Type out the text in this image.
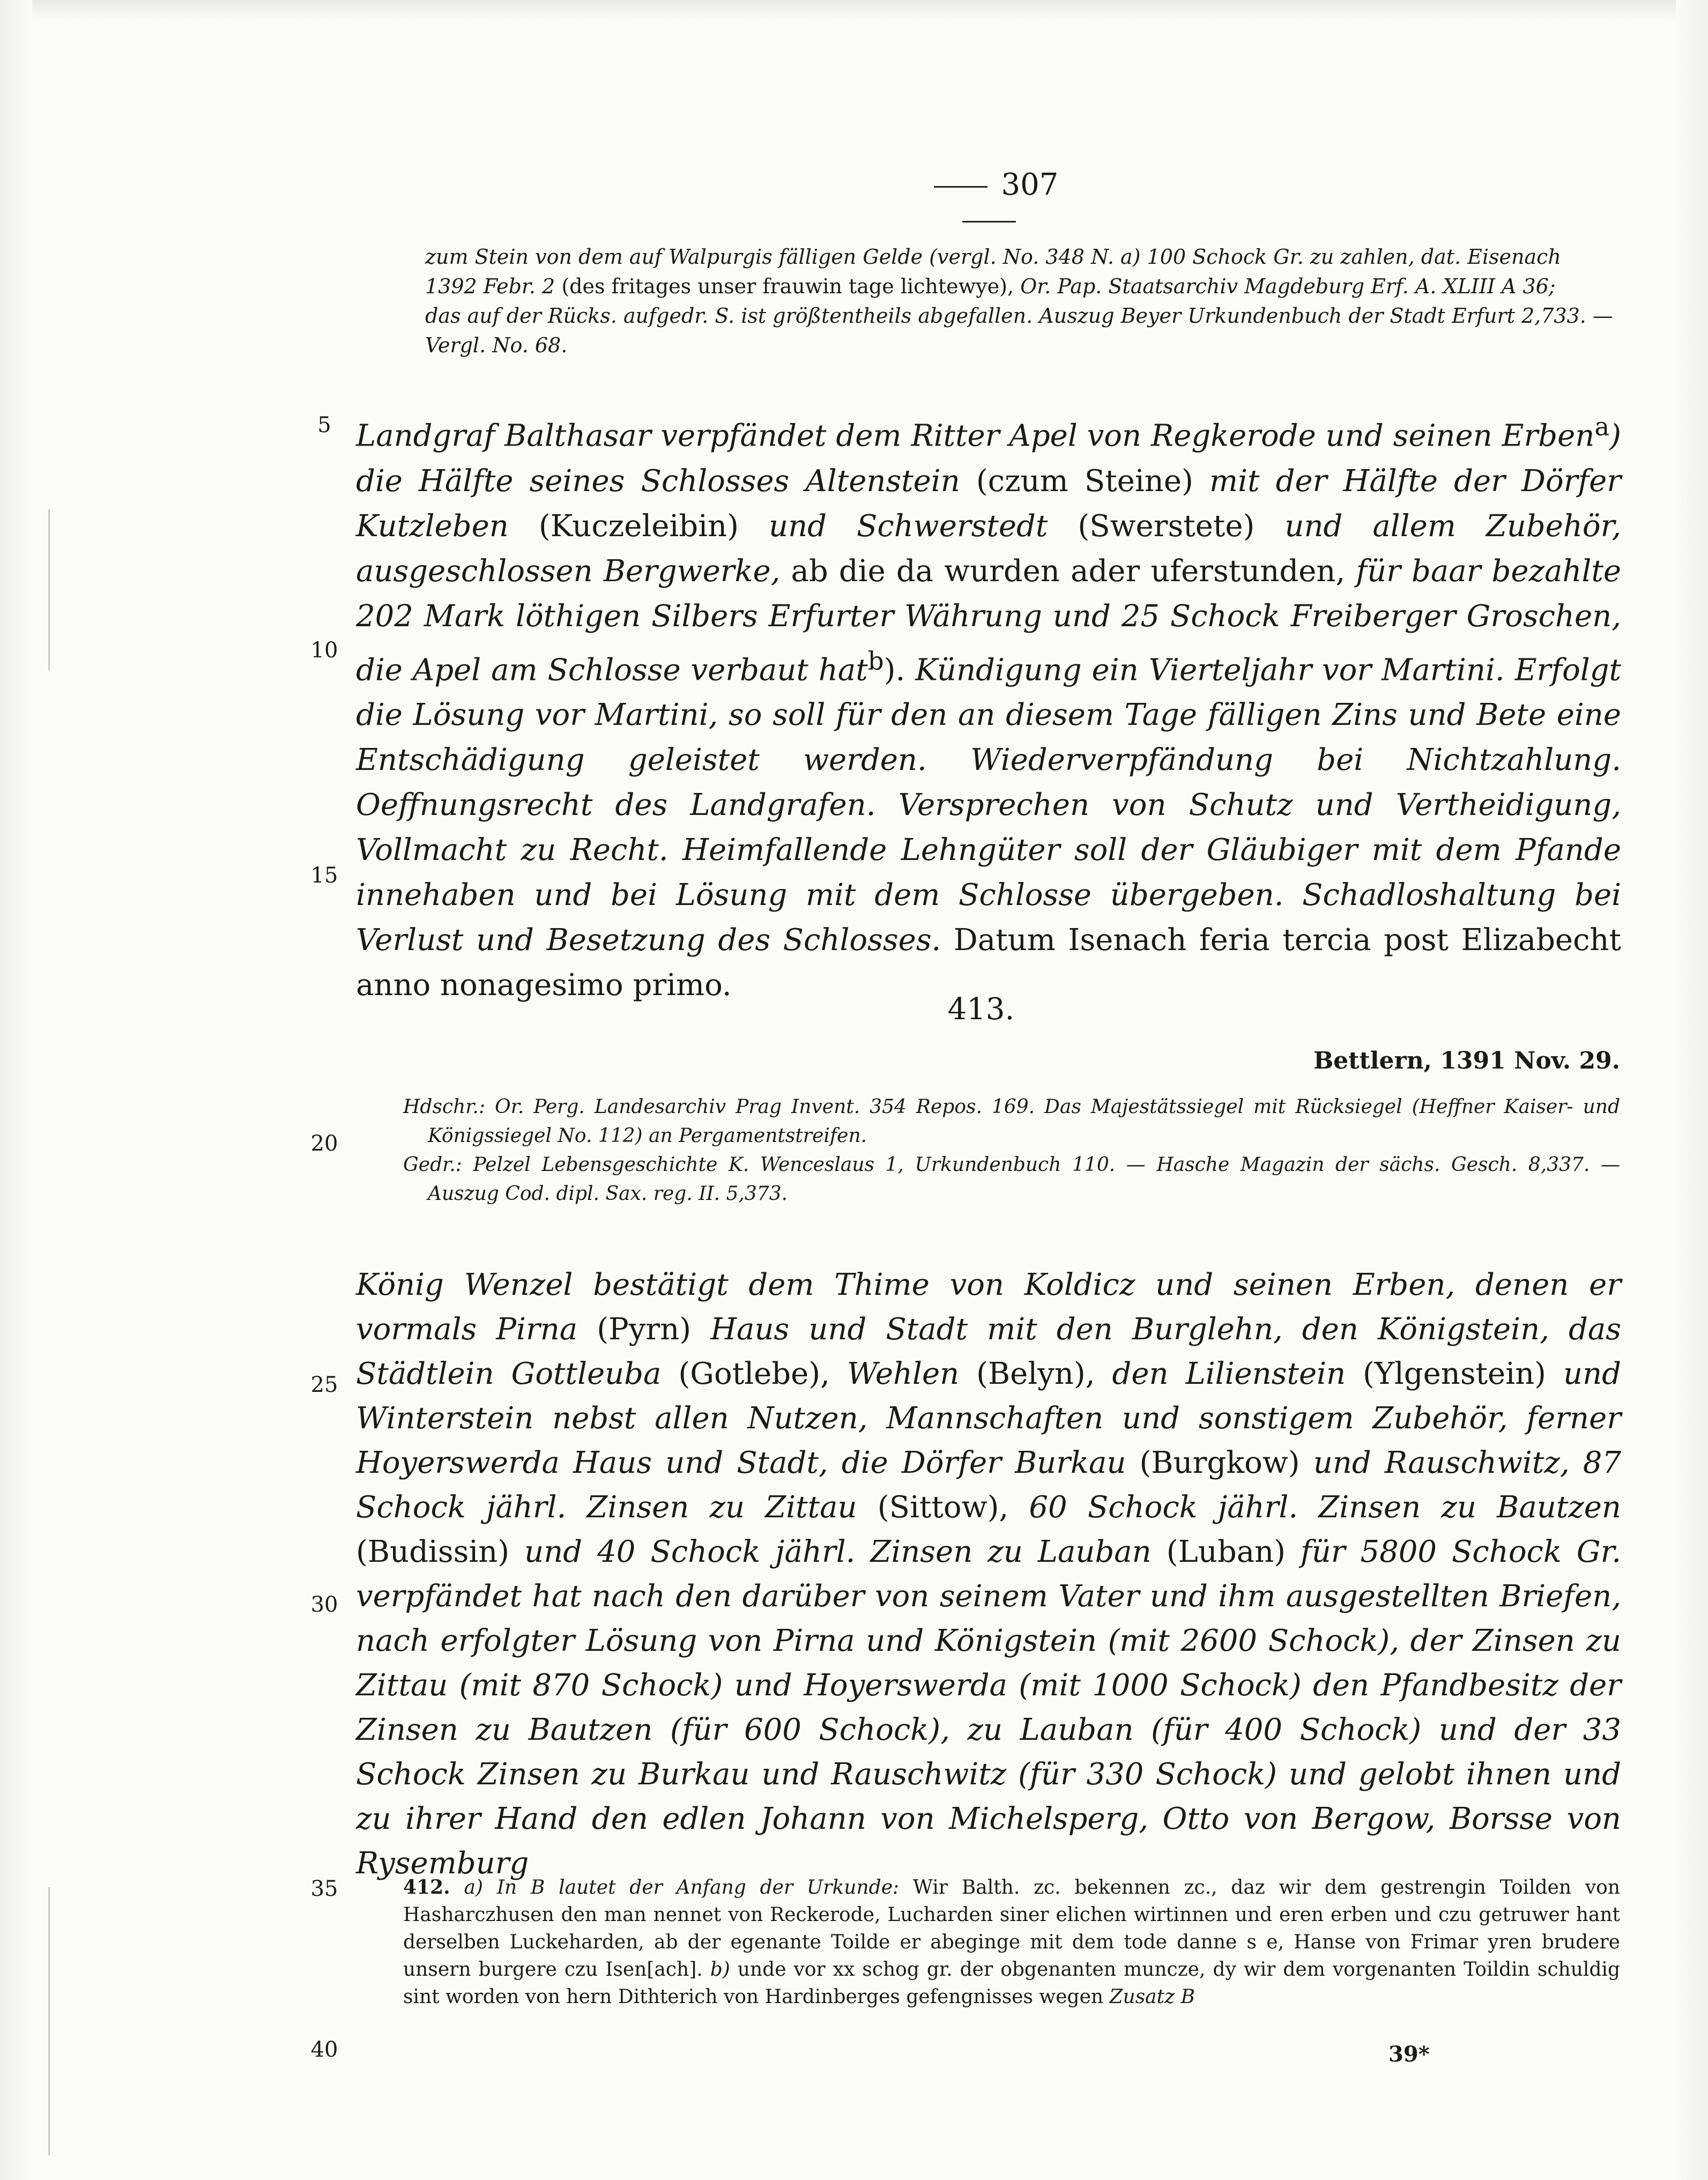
307
zum Stein von dem auf Walpurgis fälligen Gelde (vergl. No. 348 N. a) 100 Schock Gr. zu zahlen, dat. Eisenach
1392 Febr. 2 (des fritages unser frauwin tage lichtewye), Or. Pap. Staatsarchiv Magdeburg Erf. A. XLIII A 36;
das auf der Rücks. aufgedr. S. ist größtentheils abgefallen. Auszug Beyer Urkundenbuch der Stadt Erfurt 2,733. —
Vergl. No. 68.
Landgraf Balthasar verpfändet dem Ritter Apel von Regkerode und seinen Erben$^a$) die Hälfte seines Schlosses Altenstein (czum Steine) mit der Hälfte der Dörfer Kutzleben (Kuczeleibin) und Schwerstedt (Swerstete) und allem Zubehör, ausgeschlossen Bergwerke, ab die da wurden ader uferstunden, für baar bezahlte 202 Mark löthigen Silbers Erfurter Währung und 25 Schock Freiberger Groschen, die Apel am Schlosse verbaut hat$^b$). Kündigung ein Vierteljahr vor Martini. Erfolgt die Lösung vor Martini, so soll für den an diesem Tage fälligen Zins und Bete eine Entschädigung geleistet werden. Wiederverpfändung bei Nichtzahlung. Oeffnungsrecht des Landgrafen. Versprechen von Schutz und Vertheidigung, Vollmacht zu Recht. Heimfallende Lehngüter soll der Gläubiger mit dem Pfande innehaben und bei Lösung mit dem Schlosse übergeben. Schadloshaltung bei Verlust und Besetzung des Schlosses. Datum Isenach feria tercia post Elizabecht anno nonagesimo primo.
413.
Bettlern, 1391 Nov. 29.

Hdschr.: Or. Perg. Landesarchiv Prag Invent. 354 Repos. 169. Das Majestätssiegel mit Rücksiegel (Heffner Kaiser- und Königssiegel No. 112) an Pergamentstreifen.

Gedr.: Pelzel Lebensgeschichte K. Wenceslaus 1, Urkundenbuch 110. — Hasche Magazin der sächs. Gesch. 8,337. — Auszug Cod. dipl. Sax. reg. II. 5,373.

König Wenzel bestätigt dem Thime von Koldicz und seinen Erben, denen er vormals Pirna (Pyrn) Haus und Stadt mit den Burglehn, den Königstein, das Städtlein Gottleuba (Gotlebe), Wehlen (Belyn), den Lilienstein (Ylgenstein) und Winterstein nebst allen Nutzen, Mannschaften und sonstigem Zubehör, ferner Hoyerswerda Haus und Stadt, die Dörfer Burkau (Burgkow) und Rauschwitz, 87 Schock jährl. Zinsen zu Zittau (Sittow), 60 Schock jährl. Zinsen zu Bautzen (Budissin) und 40 Schock jährl. Zinsen zu Lauban (Luban) für 5800 Schock Gr. verpfändet hat nach den darüber von seinem Vater und ihm ausgestellten Briefen, nach erfolgter Lösung von Pirna und Königstein (mit 2600 Schock), der Zinsen zu Zittau (mit 870 Schock) und Hoyerswerda (mit 1000 Schock) den Pfandbesitz der Zinsen zu Bautzen (für 600 Schock), zu Lauban (für 400 Schock) und der 33 Schock Zinsen zu Burkau und Rauschwitz (für 330 Schock) und gelobt ihnen und zu ihrer Hand den edlen Johann von Michelsperg, Otto von Bergow, Borsse von Rysemburg
412. a) In B lautet der Anfang der Urkunde: Wir Balth. zc. bekennen zc., daz wir dem gestrengin Toilden von Hasharczhusen den man nennet von Reckerode, Lucharden siner elichen wirtinnen und eren erben und czu getruwer hant derselben Luckeharden, ab der egenante Toilde er abeginge mit dem tode danne s e, Hanse von Frimar yren brudere unsern burgere czu Isen[ach]. b) unde vor xx schog gr. der obgenanten muncze, dy wir dem vorgenanten Toildin schuldig sint worden von hern Dithterich von Hardinberges gefengnisses wegen Zusatz B
39*
5
10
15
20
25
30
35
40
